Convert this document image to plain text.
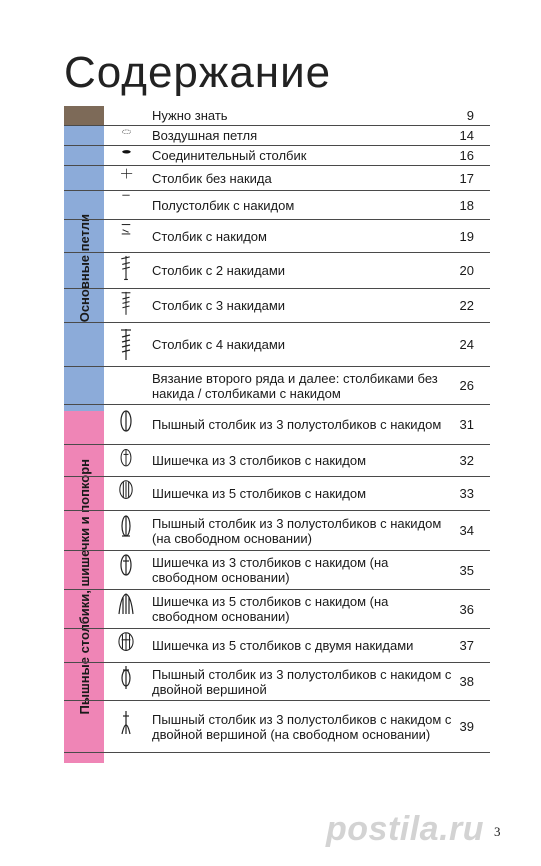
Содержание
Основные петли
Пышные столбики, шишечки и попкорн
Нужно знать	9
Воздушная петля	14
Соединительный столбик	16
Столбик без накида	17
Полустолбик с накидом	18
Столбик с накидом	19
Столбик с 2 накидами	20
Столбик с 3 накидами	22
Столбик с 4 накидами	24
Вязание второго ряда и далее: столбиками без накида / столбиками с накидом	26
Пышный столбик из 3 полустолбиков с накидом	31
Шишечка из 3 столбиков с накидом	32
Шишечка из 5 столбиков с накидом	33
Пышный столбик из 3 полустолбиков с накидом (на свободном основании)	34
Шишечка из 3 столбиков с накидом (на свободном основании)	35
Шишечка из 5 столбиков с накидом (на свободном основании)	36
Шишечка из 5 столбиков с двумя накидами	37
Пышный столбик из 3 полустолбиков с накидом с двойной вершиной	38
Пышный столбик из 3 полустолбиков с накидом с двойной вершиной (на свободном основании)	39
postila.ru 3
